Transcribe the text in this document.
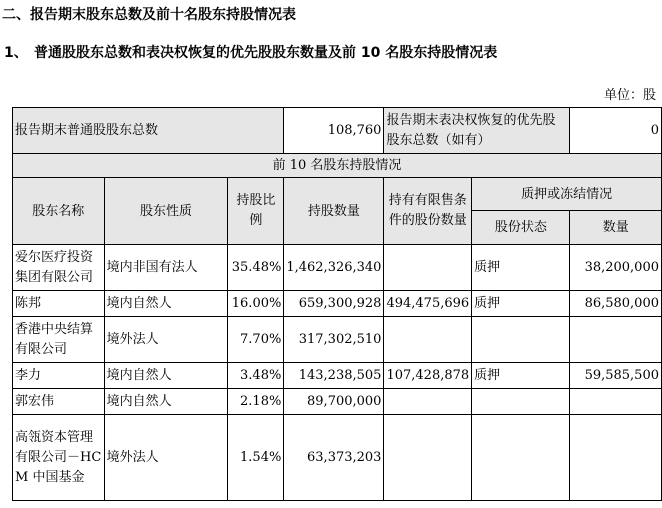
二、报告期末股东总数及前十名股东持股情况表
1、 普通股股东总数和表决权恢复的优先股股东数量及前 10 名股东持股情况表
单位：股
报告期末普通股股东总数			108,760	报告期末表决权恢复的优先股股东总数（如有）		0
前 10 名股东持股情况						
股东名称	股东性质	持股比例	持股数量	持有有限售条件的股份数量	质押或冻结情况	
					股份状态	数量
爱尔医疗投资集团有限公司	境内非国有法人	35.48%	1,462,326,340		质押	38,200,000
陈邦	境内自然人	16.00%	659,300,928	494,475,696	质押	86,580,000
香港中央结算有限公司	境外法人	7.70%	317,302,510			
李力	境内自然人	3.48%	143,238,505	107,428,878	质押	59,585,500
郭宏伟	境内自然人	2.18%	89,700,000			
高瓴资本管理有限公司－HCM 中国基金	境外法人	1.54%	63,373,203			
